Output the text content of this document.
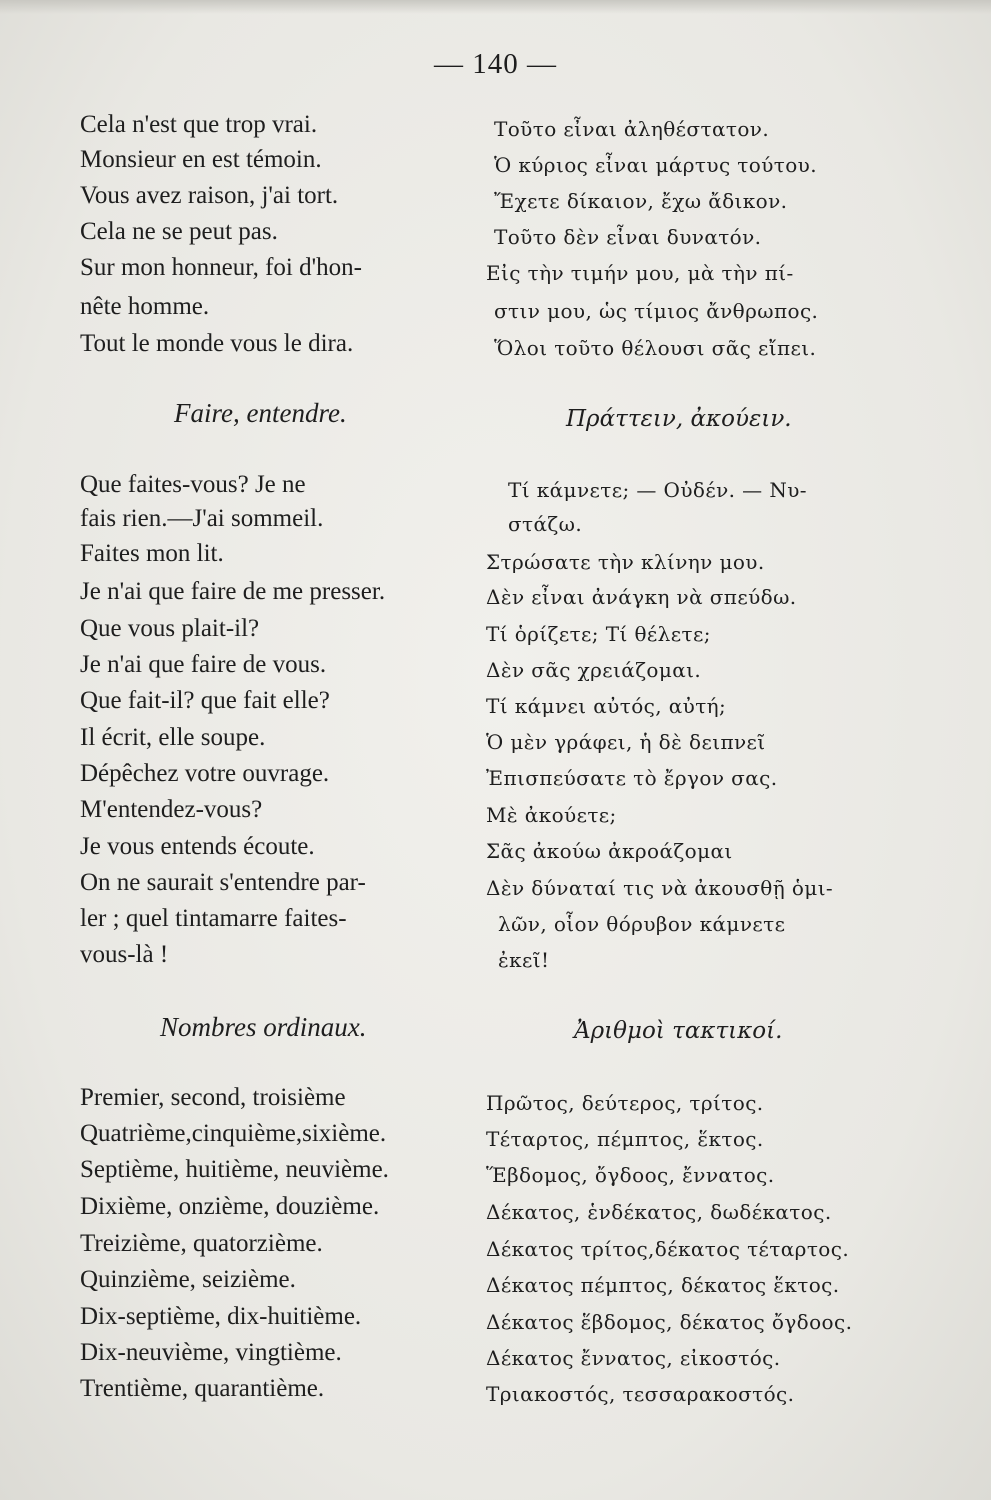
— 140 —
Cela n'est que trop vrai.
Monsieur en est témoin.
Vous avez raison, j'ai tort.
Cela ne se peut pas.
Sur mon honneur, foi d'hon-
nête homme.
Tout le monde vous le dira.
Faire, entendre.
Que faites-vous? Je ne
fais rien.—J'ai sommeil.
Faites mon lit.
Je n'ai que faire de me presser.
Que vous plait-il?
Je n'ai que faire de vous.
Que fait-il? que fait elle?
Il écrit, elle soupe.
Dépêchez votre ouvrage.
M'entendez-vous?
Je vous entends écoute.
On ne saurait s'entendre par-
ler ; quel tintamarre faites-
vous-là !
Nombres ordinaux.
Premier, second, troisième
Quatrième,cinquième,sixième.
Septième, huitième, neuvième.
Dixième, onzième, douzième.
Treizième, quatorzième.
Quinzième, seizième.
Dix-septième, dix-huitième.
Dix-neuvième, vingtième.
Trentième, quarantième.
Τοῦτο εἶναι ἀληθέστατον.
Ὁ κύριος εἶναι μάρτυς τούτου.
Ἔχετε δίκαιον, ἔχω ἄδικον.
Τοῦτο δὲν εἶναι δυνατόν.
Εἰς τὴν τιμήν μου, μὰ τὴν πί-
στιν μου, ὡς τίμιος ἄνθρωπος.
Ὅλοι τοῦτο θέλουσι σᾶς εἴπει.
Πράττειν, ἀκούειν.
Τί κάμνετε; — Οὐδέν. — Νυ-
στάζω.
Στρώσατε τὴν κλίνην μου.
Δὲν εἶναι ἀνάγκη νὰ σπεύδω.
Τί ὁρίζετε; Τί θέλετε;
Δὲν σᾶς χρειάζομαι.
Τί κάμνει αὐτός, αὐτή;
Ὁ μὲν γράφει, ἡ δὲ δειπνεῖ
Ἐπισπεύσατε τὸ ἔργον σας.
Μὲ ἀκούετε;
Σᾶς ἀκούω ἀκροάζομαι
Δὲν δύναταί τις νὰ ἀκουσθῇ ὁμι-
λῶν, οἷον θόρυβον κάμνετε
ἐκεῖ!
Ἀριθμοὶ τακτικοί.
Πρῶτος, δεύτερος, τρίτος.
Τέταρτος, πέμπτος, ἕκτος.
Ἕβδομος, ὄγδοος, ἔννατος.
Δέκατος, ἑνδέκατος, δωδέκατος.
Δέκατος τρίτος,δέκατος τέταρτος.
Δέκατος πέμπτος, δέκατος ἕκτος.
Δέκατος ἕβδομος, δέκατος ὄγδοος.
Δέκατος ἔννατος, εἰκοστός.
Τριακοστός, τεσσαρακοστός.
